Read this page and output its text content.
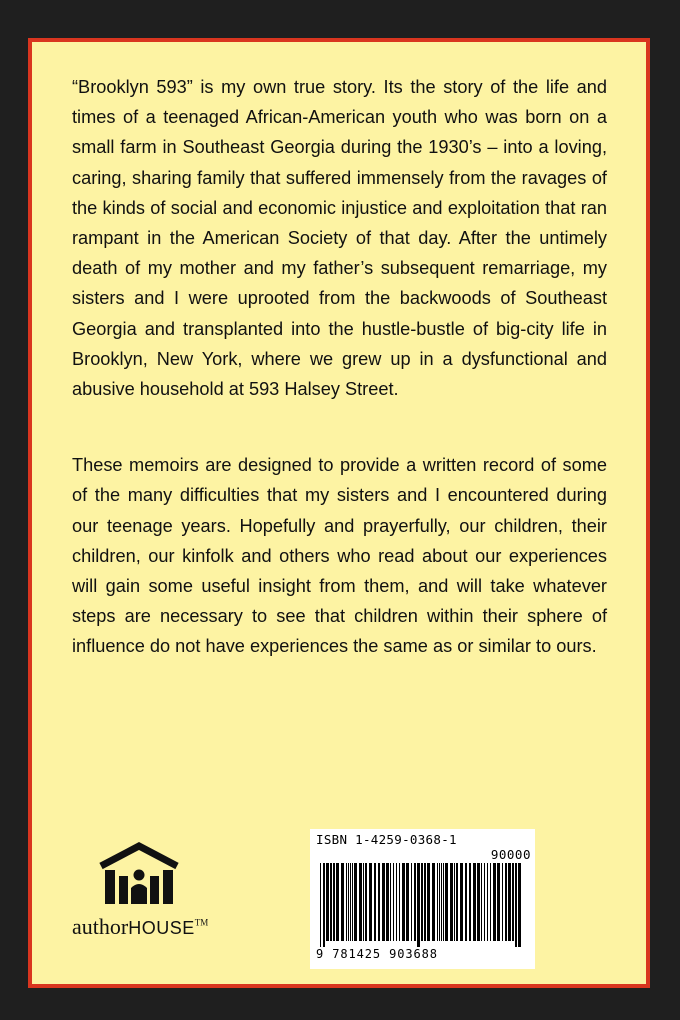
“Brooklyn 593” is my own true story. Its the story of the life and times of a teenaged African-American youth who was born on a small farm in Southeast Georgia during the 1930’s – into a loving, caring, sharing family that suffered immensely from the ravages of the kinds of social and economic injustice and exploitation that ran rampant in the American Society of that day. After the untimely death of my mother and my father’s subsequent remarriage, my sisters and I were uprooted from the backwoods of Southeast Georgia and transplanted into the hustle-bustle of big-city life in Brooklyn, New York, where we grew up in a dysfunctional and abusive household at 593 Halsey Street.

These memoirs are designed to provide a written record of some of the many difficulties that my sisters and I encountered during our teenage years. Hopefully and prayerfully, our children, their children, our kinfolk and others who read about our experiences will gain some useful insight from them, and will take whatever steps are necessary to see that children within their sphere of influence do not have experiences the same as or similar to ours.

authorHOUSE™
ISBN 1-4259-0368-1
90000
9 781425 903688
